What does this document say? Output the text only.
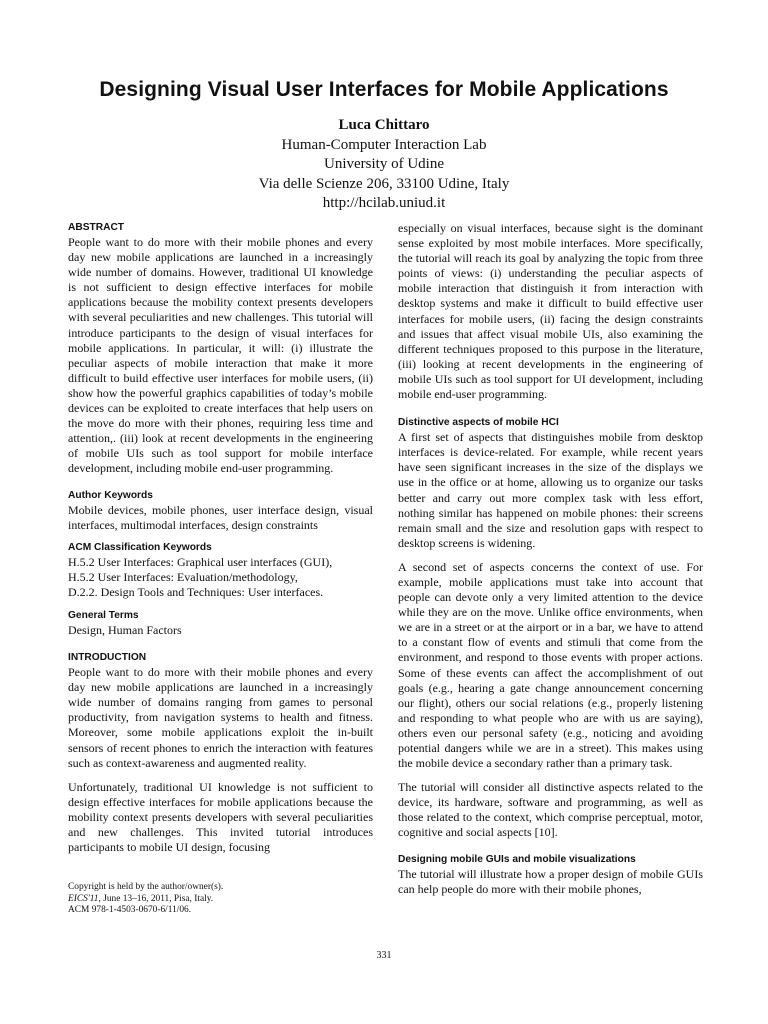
Designing Visual User Interfaces for Mobile Applications
Luca Chittaro
Human-Computer Interaction Lab
University of Udine
Via delle Scienze 206, 33100 Udine, Italy
http://hcilab.uniud.it
ABSTRACT

People want to do more with their mobile phones and every day new mobile applications are launched in a increasingly wide number of domains. However, traditional UI knowledge is not sufficient to design effective interfaces for mobile applications because the mobility context presents developers with several peculiarities and new challenges. This tutorial will introduce participants to the design of visual interfaces for mobile applications. In particular, it will: (i) illustrate the peculiar aspects of mobile interaction that make it more difficult to build effective user interfaces for mobile users, (ii) show how the powerful graphics capabilities of today’s mobile devices can be exploited to create interfaces that help users on the move do more with their phones, requiring less time and attention,. (iii) look at recent developments in the engineering of mobile UIs such as tool support for mobile interface development, including mobile end-user programming.

Author Keywords

Mobile devices, mobile phones, user interface design, visual interfaces, multimodal interfaces, design constraints

ACM Classification Keywords
H.5.2 User Interfaces: Graphical user interfaces (GUI),
H.5.2 User Interfaces: Evaluation/methodology,
D.2.2. Design Tools and Techniques: User interfaces.
General Terms

Design, Human Factors

INTRODUCTION

People want to do more with their mobile phones and every day new mobile applications are launched in a increasingly wide number of domains ranging from games to personal productivity, from navigation systems to health and fitness. Moreover, some mobile applications exploit the in-built sensors of recent phones to enrich the interaction with features such as context-awareness and augmented reality.

Unfortunately, traditional UI knowledge is not sufficient to design effective interfaces for mobile applications because the mobility context presents developers with several peculiarities and new challenges. This invited tutorial introduces participants to mobile UI design, focusing

Copyright is held by the author/owner(s).
EICS'11, June 13–16, 2011, Pisa, Italy.
ACM 978-1-4503-0670-6/11/06.

especially on visual interfaces, because sight is the dominant sense exploited by most mobile interfaces. More specifically, the tutorial will reach its goal by analyzing the topic from three points of views: (i) understanding the peculiar aspects of mobile interaction that distinguish it from interaction with desktop systems and make it difficult to build effective user interfaces for mobile users, (ii) facing the design constraints and issues that affect visual mobile UIs, also examining the different techniques proposed to this purpose in the literature, (iii) looking at recent developments in the engineering of mobile UIs such as tool support for UI development, including mobile end-user programming.

Distinctive aspects of mobile HCI

A first set of aspects that distinguishes mobile from desktop interfaces is device-related. For example, while recent years have seen significant increases in the size of the displays we use in the office or at home, allowing us to organize our tasks better and carry out more complex task with less effort, nothing similar has happened on mobile phones: their screens remain small and the size and resolution gaps with respect to desktop screens is widening.

A second set of aspects concerns the context of use. For example, mobile applications must take into account that people can devote only a very limited attention to the device while they are on the move. Unlike office environments, when we are in a street or at the airport or in a bar, we have to attend to a constant flow of events and stimuli that come from the environment, and respond to those events with proper actions. Some of these events can affect the accomplishment of out goals (e.g., hearing a gate change announcement concerning our flight), others our social relations (e.g., properly listening and responding to what people who are with us are saying), others even our personal safety (e.g., noticing and avoiding potential dangers while we are in a street). This makes using the mobile device a secondary rather than a primary task.

The tutorial will consider all distinctive aspects related to the device, its hardware, software and programming, as well as those related to the context, which comprise perceptual, motor, cognitive and social aspects [10].

Designing mobile GUIs and mobile visualizations

The tutorial will illustrate how a proper design of mobile GUIs can help people do more with their mobile phones,

331
